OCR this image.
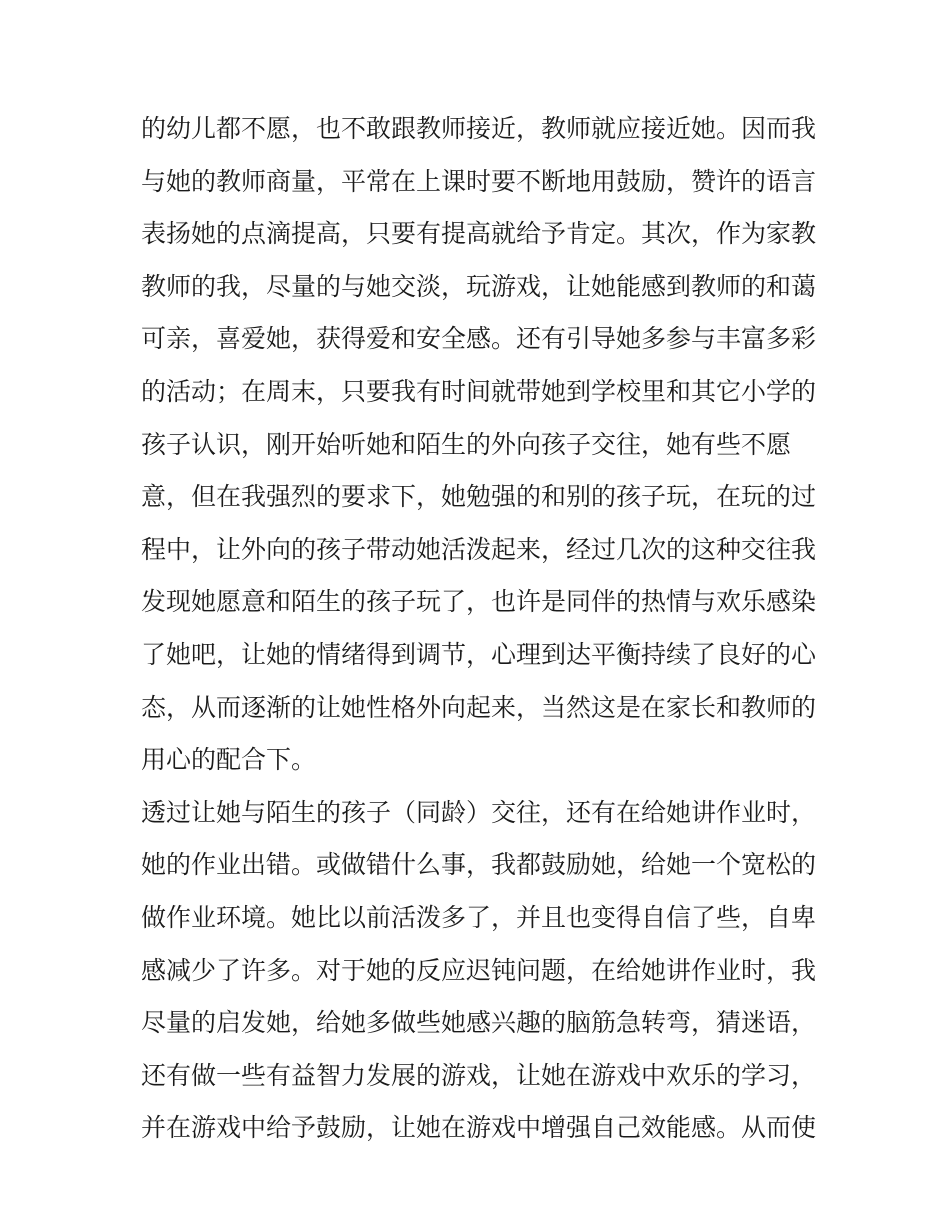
的幼儿都不愿，也不敢跟教师接近，教师就应接近她。因而我
与她的教师商量，平常在上课时要不断地用鼓励，赞许的语言
表扬她的点滴提高，只要有提高就给予肯定。其次，作为家教
教师的我，尽量的与她交淡，玩游戏，让她能感到教师的和蔼
可亲，喜爱她，获得爱和安全感。还有引导她多参与丰富多彩
的活动；在周末，只要我有时间就带她到学校里和其它小学的
孩子认识，刚开始听她和陌生的外向孩子交往，她有些不愿
意，但在我强烈的要求下，她勉强的和别的孩子玩，在玩的过
程中，让外向的孩子带动她活泼起来，经过几次的这种交往我
发现她愿意和陌生的孩子玩了，也许是同伴的热情与欢乐感染
了她吧，让她的情绪得到调节，心理到达平衡持续了良好的心
态，从而逐渐的让她性格外向起来，当然这是在家长和教师的
用心的配合下。
透过让她与陌生的孩子（同龄）交往，还有在给她讲作业时，
她的作业出错。或做错什么事，我都鼓励她，给她一个宽松的
做作业环境。她比以前活泼多了，并且也变得自信了些，自卑
感减少了许多。对于她的反应迟钝问题，在给她讲作业时，我
尽量的启发她，给她多做些她感兴趣的脑筋急转弯，猜迷语，
还有做一些有益智力发展的游戏，让她在游戏中欢乐的学习，
并在游戏中给予鼓励，让她在游戏中增强自己效能感。从而使
